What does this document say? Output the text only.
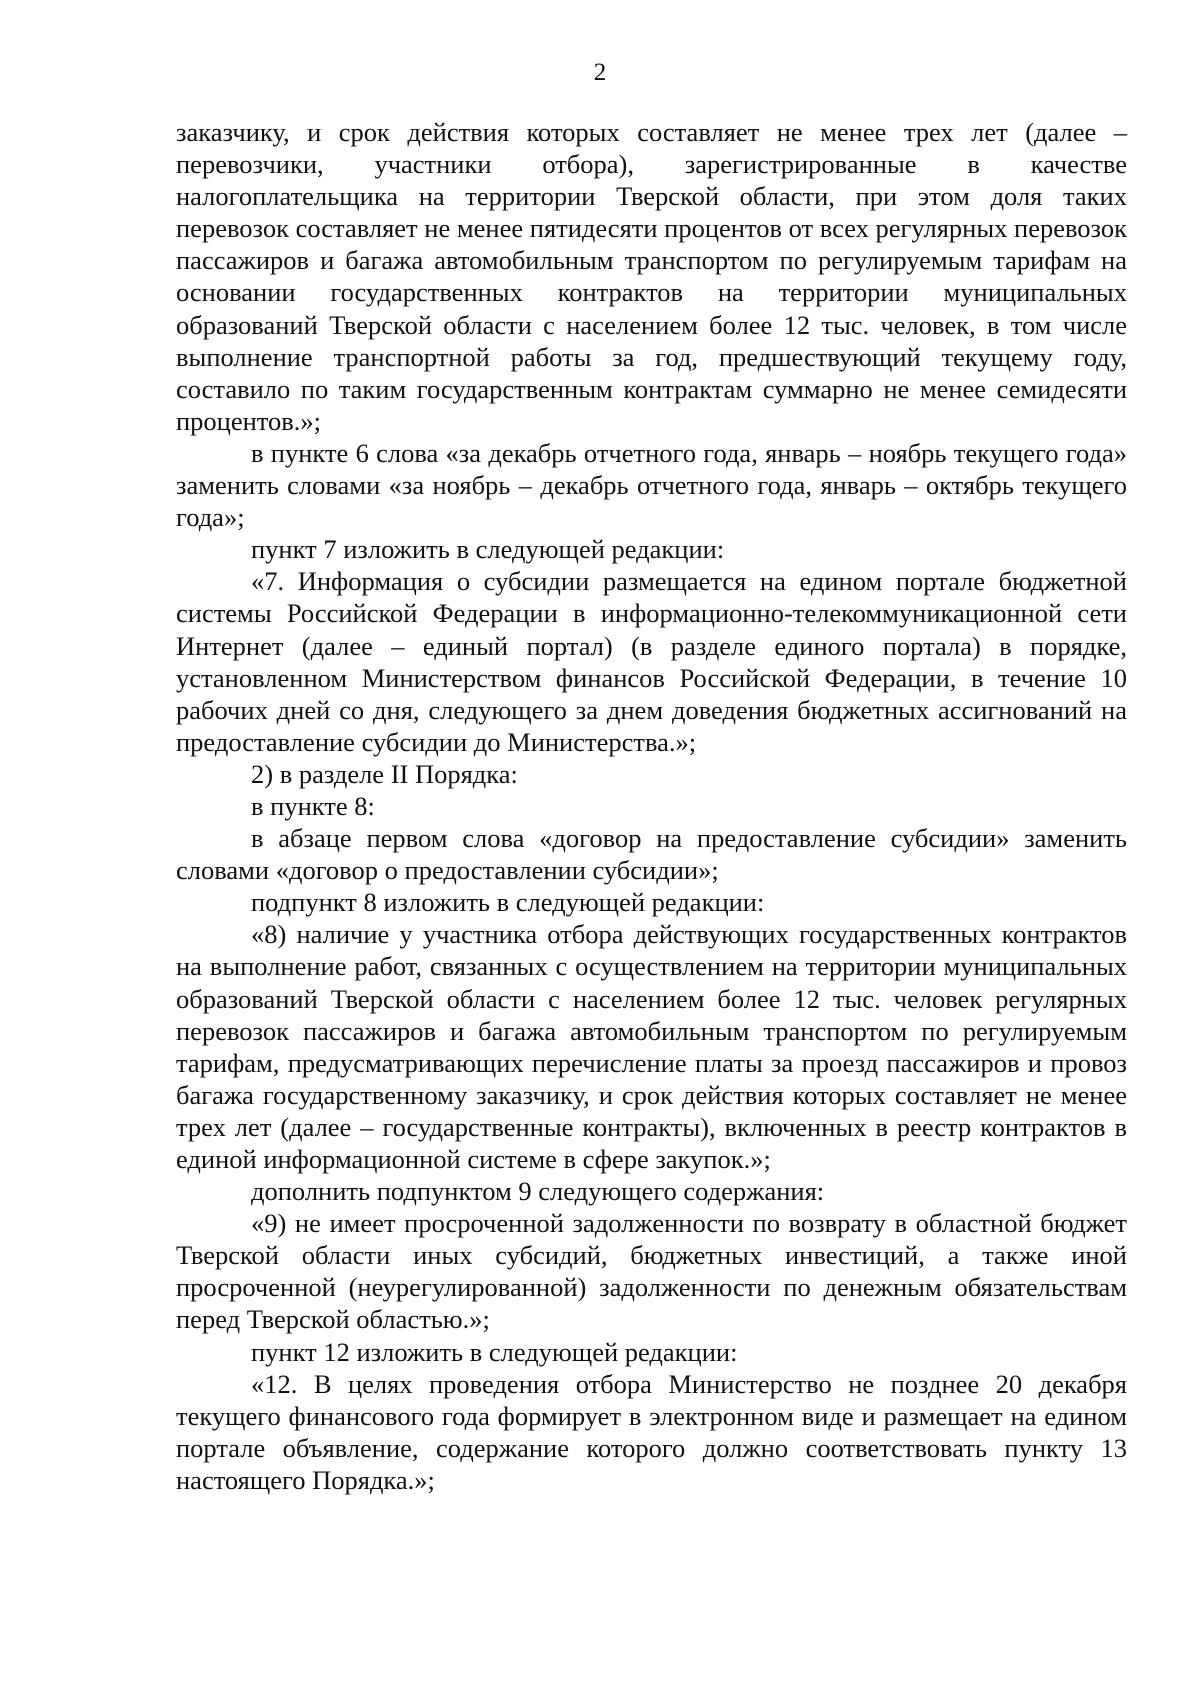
2

заказчику, и срок действия которых составляет не менее трех лет (далее – перевозчики, участники отбора), зарегистрированные в качестве налогоплательщика на территории Тверской области, при этом доля таких перевозок составляет не менее пятидесяти процентов от всех регулярных перевозок пассажиров и багажа автомобильным транспортом по регулируемым тарифам на основании государственных контрактов на территории муниципальных образований Тверской области с населением более 12 тыс. человек, в том числе выполнение транспортной работы за год, предшествующий текущему году, составило по таким государственным контрактам суммарно не менее семидесяти процентов.»;

в пункте 6 слова «за декабрь отчетного года, январь – ноябрь текущего года» заменить словами «за ноябрь – декабрь отчетного года, январь – октябрь текущего года»;

пункт 7 изложить в следующей редакции:

«7. Информация о субсидии размещается на едином портале бюджетной системы Российской Федерации в информационно-телекоммуникационной сети Интернет (далее – единый портал) (в разделе единого портала) в порядке, установленном Министерством финансов Российской Федерации, в течение 10 рабочих дней со дня, следующего за днем доведения бюджетных ассигнований на предоставление субсидии до Министерства.»;

2) в разделе II Порядка:

в пункте 8:

в абзаце первом слова «договор на предоставление субсидии» заменить словами «договор о предоставлении субсидии»;

подпункт 8 изложить в следующей редакции:

«8) наличие у участника отбора действующих государственных контрактов на выполнение работ, связанных с осуществлением на территории муниципальных образований Тверской области с населением более 12 тыс. человек регулярных перевозок пассажиров и багажа автомобильным транспортом по регулируемым тарифам, предусматривающих перечисление платы за проезд пассажиров и провоз багажа государственному заказчику, и срок действия которых составляет не менее трех лет (далее – государственные контракты), включенных в реестр контрактов в единой информационной системе в сфере закупок.»;

дополнить подпунктом 9 следующего содержания:

«9) не имеет просроченной задолженности по возврату в областной бюджет Тверской области иных субсидий, бюджетных инвестиций, а также иной просроченной (неурегулированной) задолженности по денежным обязательствам перед Тверской областью.»;

пункт 12 изложить в следующей редакции:

«12. В целях проведения отбора Министерство не позднее 20 декабря текущего финансового года формирует в электронном виде и размещает на едином портале объявление, содержание которого должно соответствовать пункту 13 настоящего Порядка.»;
